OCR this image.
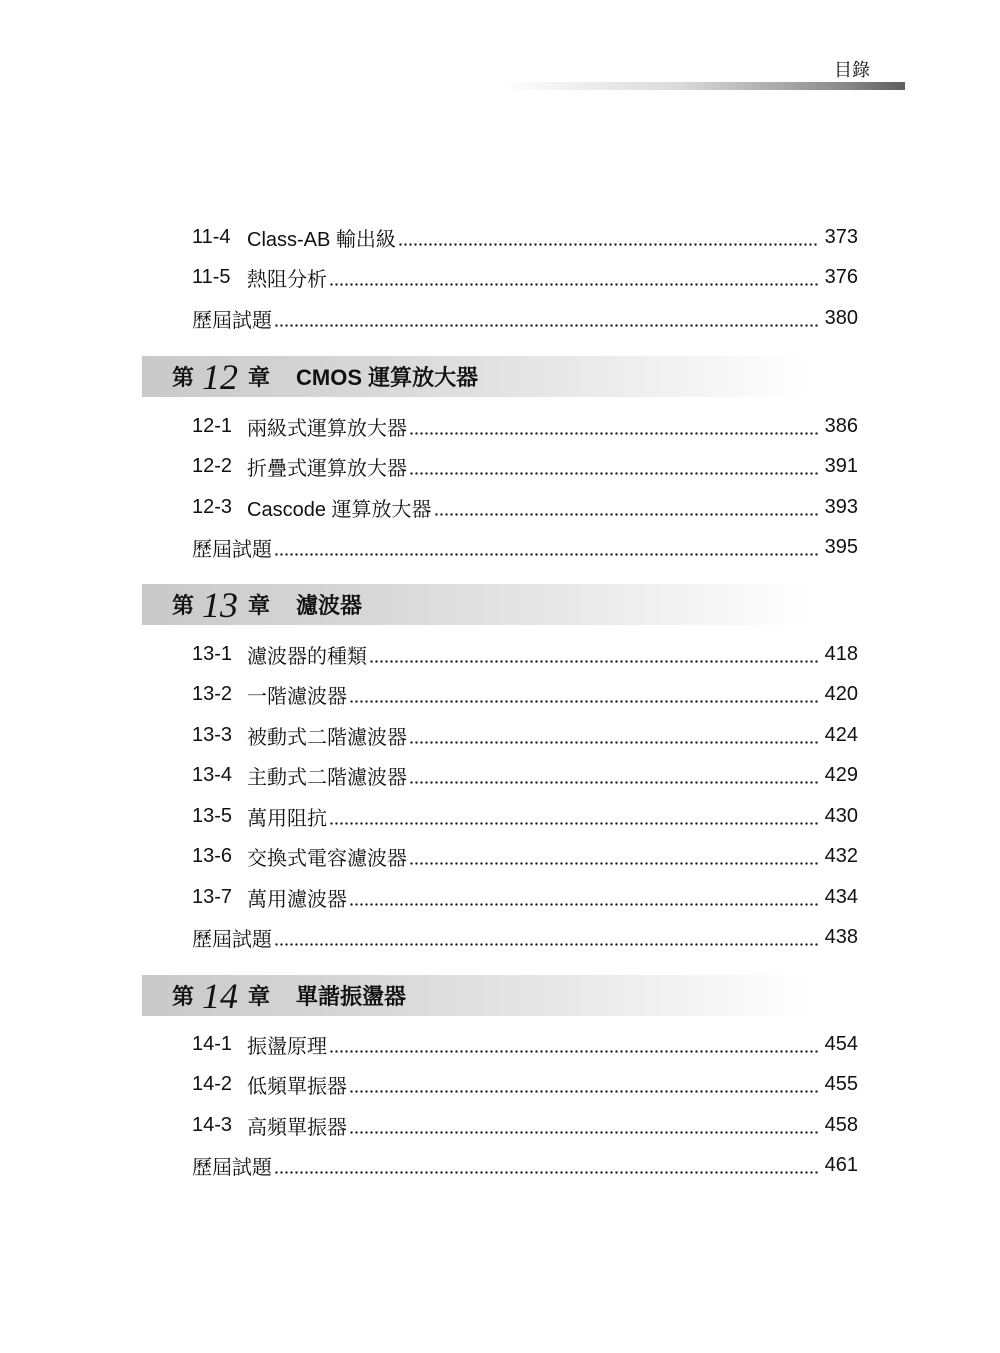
目錄
11-4 Class-AB 輸出級	373
11-5 熱阻分析	376
歷屆試題	380
第 12 章 CMOS 運算放大器
12-1 兩級式運算放大器	386
12-2 折疊式運算放大器	391
12-3 Cascode 運算放大器	393
歷屆試題	395
第 13 章 濾波器
13-1 濾波器的種類	418
13-2 一階濾波器	420
13-3 被動式二階濾波器	424
13-4 主動式二階濾波器	429
13-5 萬用阻抗	430
13-6 交換式電容濾波器	432
13-7 萬用濾波器	434
歷屆試題	438
第 14 章 單諧振盪器
14-1 振盪原理	454
14-2 低頻單振器	455
14-3 高頻單振器	458
歷屆試題	461
